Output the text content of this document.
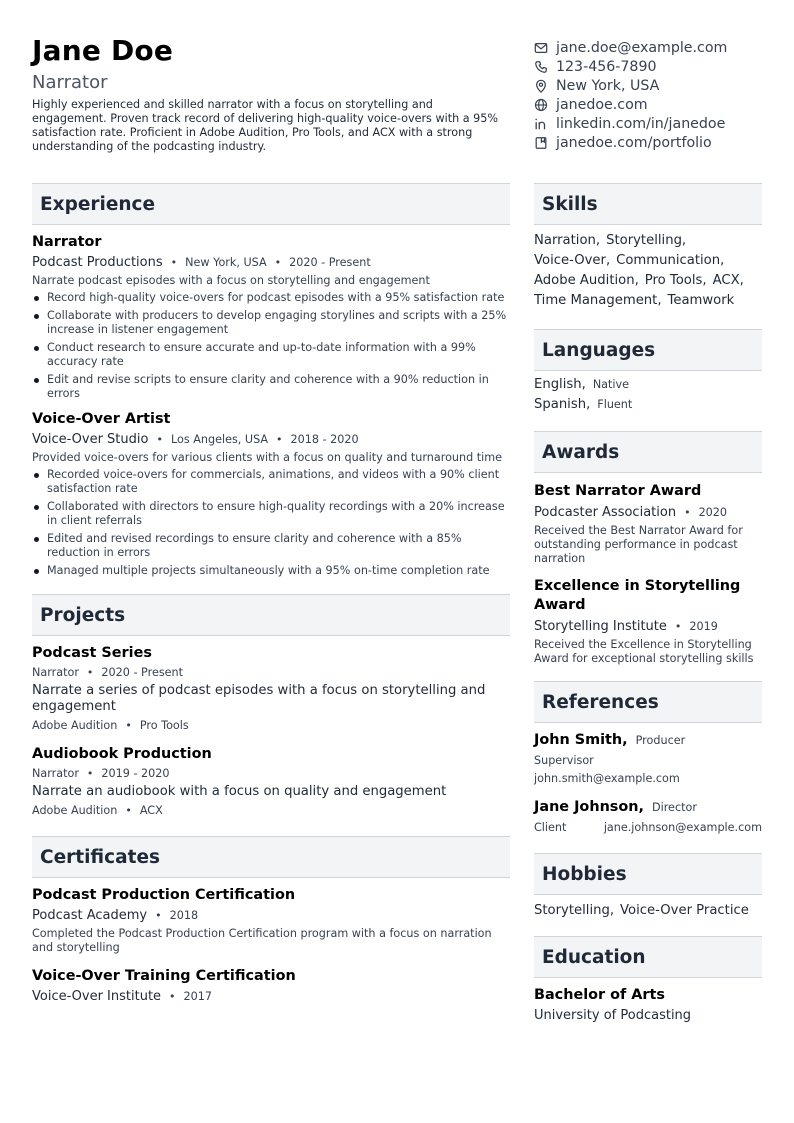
Jane Doe
Narrator
Highly experienced and skilled narrator with a focus on storytelling and engagement. Proven track record of delivering high-quality voice-overs with a 95% satisfaction rate. Proficient in Adobe Audition, Pro Tools, and ACX with a strong understanding of the podcasting industry.
jane.doe@example.com
123-456-7890
New York, USA
janedoe.com
linkedin.com/in/janedoe
janedoe.com/portfolio
Experience
Narrator
Podcast Productions • New York, USA • 2020 - Present
Narrate podcast episodes with a focus on storytelling and engagement
Record high-quality voice-overs for podcast episodes with a 95% satisfaction rate
Collaborate with producers to develop engaging storylines and scripts with a 25% increase in listener engagement
Conduct research to ensure accurate and up-to-date information with a 99% accuracy rate
Edit and revise scripts to ensure clarity and coherence with a 90% reduction in errors
Voice-Over Artist
Voice-Over Studio • Los Angeles, USA • 2018 - 2020
Provided voice-overs for various clients with a focus on quality and turnaround time
Recorded voice-overs for commercials, animations, and videos with a 90% client satisfaction rate
Collaborated with directors to ensure high-quality recordings with a 20% increase in client referrals
Edited and revised recordings to ensure clarity and coherence with a 85% reduction in errors
Managed multiple projects simultaneously with a 95% on-time completion rate
Projects
Podcast Series
Narrator • 2020 - Present
Narrate a series of podcast episodes with a focus on storytelling and engagement
Adobe Audition • Pro Tools
Audiobook Production
Narrator • 2019 - 2020
Narrate an audiobook with a focus on quality and engagement
Adobe Audition • ACX
Certificates
Podcast Production Certification
Podcast Academy • 2018
Completed the Podcast Production Certification program with a focus on narration and storytelling
Voice-Over Training Certification
Voice-Over Institute • 2017
Skills
Narration, Storytelling,Voice-Over, Communication,Adobe Audition, Pro Tools, ACX,Time Management, Teamwork
Languages
English, Native
Spanish, Fluent
Awards
Best Narrator Award
Podcaster Association • 2020
Received the Best Narrator Award for outstanding performance in podcast narration
Excellence in Storytelling Award
Storytelling Institute • 2019
Received the Excellence in Storytelling Award for exceptional storytelling skills
References
John Smith, Producer
Supervisor
john.smith@example.com
Jane Johnson, Director
Client	jane.johnson@example.com
Hobbies
Storytelling, Voice-Over Practice
Education
Bachelor of Arts
University of Podcasting
